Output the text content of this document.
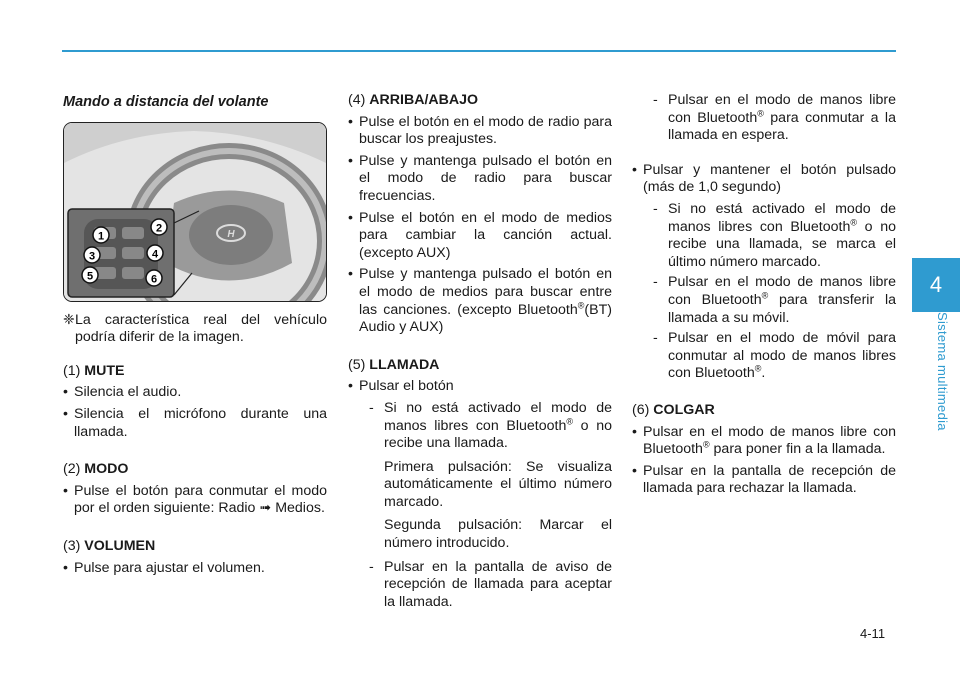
4
Sistema multimedia
Mando a distancia del volante
H
1
2
3	4
5	6
❈ La característica real del vehículo podría diferir de la imagen.
(1) MUTE
• Silencia el audio.
• Silencia el micrófono durante una llamada.
(2) MODO
• Pulse el botón para conmutar el modo por el orden siguiente: Radio ➟ Medios.
(3) VOLUMEN
• Pulse para ajustar el volumen.
(4) ARRIBA/ABAJO
• Pulse el botón en el modo de radio para buscar los preajustes.
• Pulse y mantenga pulsado el botón en el modo de radio para buscar frecuencias.
• Pulse el botón en el modo de medios para cambiar la canción actual. (excepto AUX)
• Pulse y mantenga pulsado el botón en el modo de medios para buscar entre las canciones. (excepto Bluetooth®(BT) Audio y AUX)
(5) LLAMADA
• Pulsar el botón
- Si no está activado el modo de manos libres con Bluetooth® o no recibe una llamada.
Primera pulsación: Se visualiza automáticamente el último número marcado.
Segunda pulsación: Marcar el número introducido.
- Pulsar en la pantalla de aviso de recepción de llamada para aceptar la llamada.
- Pulsar en el modo de manos libre con Bluetooth® para conmutar a la llamada en espera.
• Pulsar y mantener el botón pulsado (más de 1,0 segundo)
- Si no está activado el modo de manos libres con Bluetooth® o no recibe una llamada, se marca el último número marcado.
- Pulsar en el modo de manos libre con Bluetooth® para transferir la llamada a su móvil.
- Pulsar en el modo de móvil para conmutar al modo de manos libres con Bluetooth®.
(6) COLGAR
• Pulsar en el modo de manos libre con Bluetooth® para poner fin a la llamada.
• Pulsar en la pantalla de recepción de llamada para rechazar la llamada.
4-11
